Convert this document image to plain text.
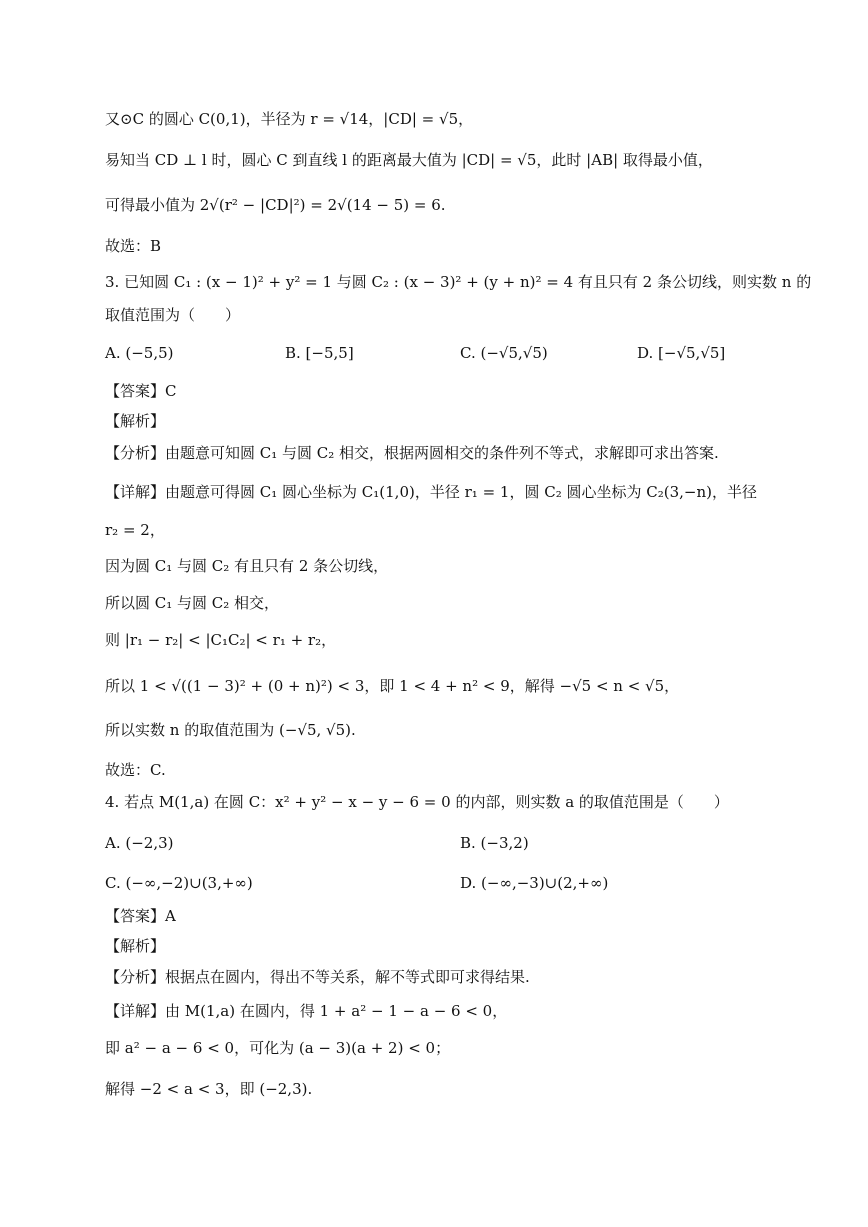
又⊙C 的圆心 C(0,1)，半径为 r = √14，|CD| = √5，
易知当 CD ⊥ l 时，圆心 C 到直线 l 的距离最大值为 |CD| = √5，此时 |AB| 取得最小值，
可得最小值为 2√(r² − |CD|²) = 2√(14 − 5) = 6.
故选：B
3. 已知圆 C₁ : (x − 1)² + y² = 1 与圆 C₂ : (x − 3)² + (y + n)² = 4 有且只有 2 条公切线，则实数 n 的
取值范围为（　　）
A. (−5,5)	B. [−5,5]	C. (−√5,√5)	D. [−√5,√5]
【答案】C
【解析】
【分析】由题意可知圆 C₁ 与圆 C₂ 相交，根据两圆相交的条件列不等式，求解即可求出答案.
【详解】由题意可得圆 C₁ 圆心坐标为 C₁(1,0)，半径 r₁ = 1，圆 C₂ 圆心坐标为 C₂(3,−n)，半径
r₂ = 2，
因为圆 C₁ 与圆 C₂ 有且只有 2 条公切线，
所以圆 C₁ 与圆 C₂ 相交，
则 |r₁ − r₂| < |C₁C₂| < r₁ + r₂，
所以 1 < √((1 − 3)² + (0 + n)²) < 3，即 1 < 4 + n² < 9，解得 −√5 < n < √5，
所以实数 n 的取值范围为 (−√5, √5).
故选：C.
4. 若点 M(1,a) 在圆 C：x² + y² − x − y − 6 = 0 的内部，则实数 a 的取值范围是（　　）
A. (−2,3)	B. (−3,2)
C. (−∞,−2)∪(3,+∞)	D. (−∞,−3)∪(2,+∞)
【答案】A
【解析】
【分析】根据点在圆内，得出不等关系，解不等式即可求得结果.
【详解】由 M(1,a) 在圆内，得 1 + a² − 1 − a − 6 < 0，
即 a² − a − 6 < 0，可化为 (a − 3)(a + 2) < 0；
解得 −2 < a < 3，即 (−2,3).
